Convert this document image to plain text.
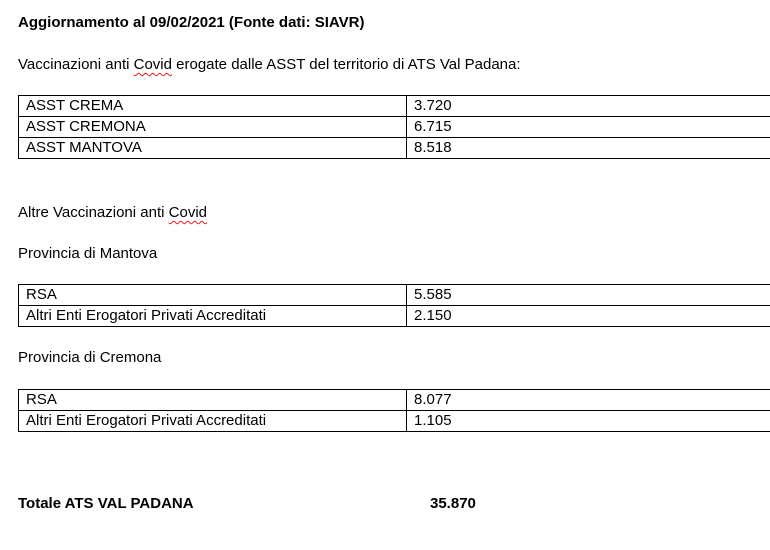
Aggiornamento al 09/02/2021 (Fonte dati: SIAVR)
Vaccinazioni anti Covid erogate dalle ASST del territorio di ATS Val Padana:
ASST CREMA	3.720
ASST CREMONA	6.715
ASST MANTOVA	8.518
Altre Vaccinazioni anti Covid
Provincia di Mantova
RSA	5.585
Altri Enti Erogatori Privati Accreditati	2.150
Provincia di Cremona
RSA	8.077
Altri Enti Erogatori Privati Accreditati	1.105
Totale ATS VAL PADANA	35.870
